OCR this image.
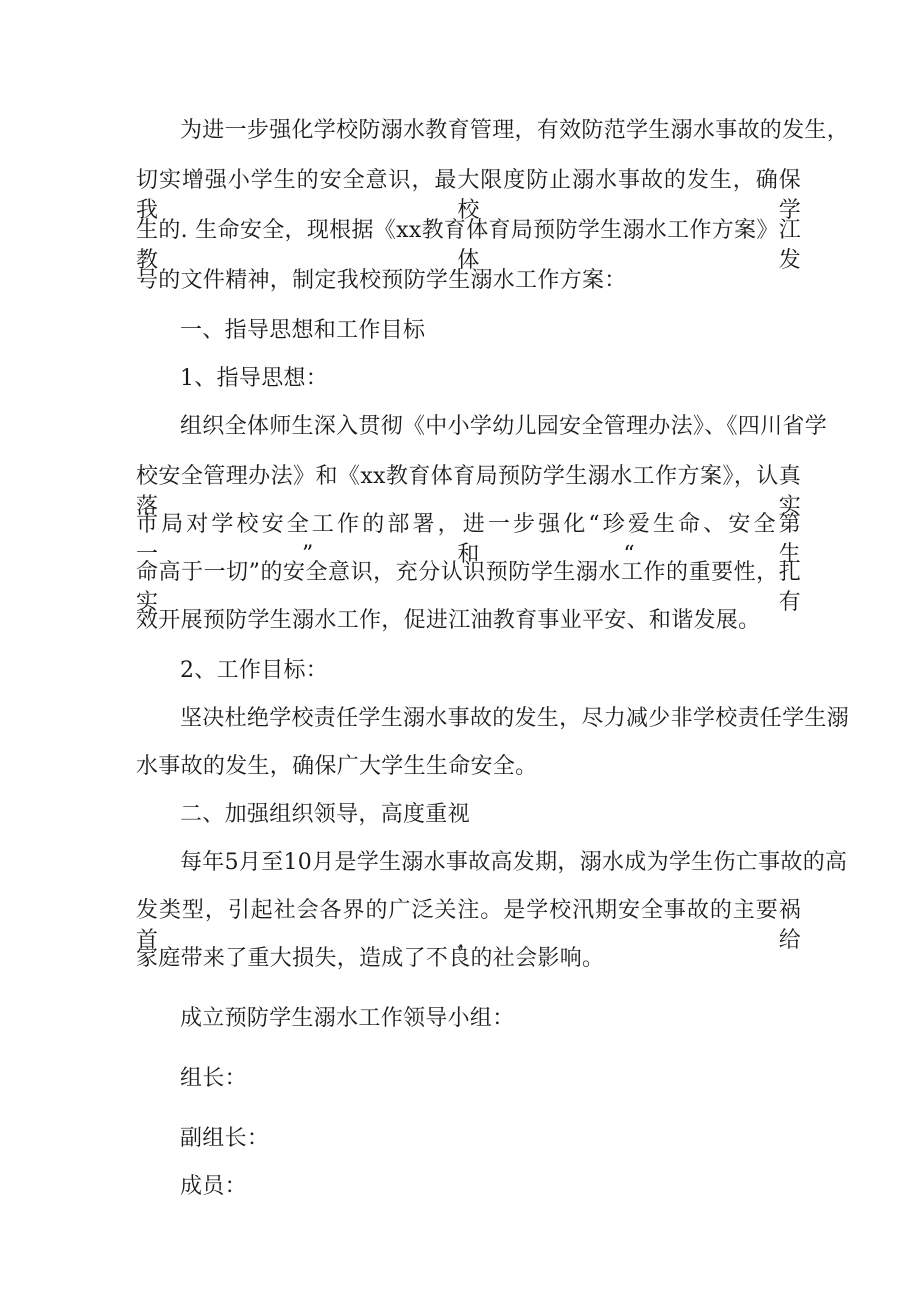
为进一步强化学校防溺水教育管理，有效防范学生溺水事故的发生，

切实增强小学生的安全意识，最大限度防止溺水事故的发生，确保我校学

生的. 生命安全，现根据《xx教育体育局预防学生溺水工作方案》江教体发

号的文件精神，制定我校预防学生溺水工作方案：

一、指导思想和工作目标

1、指导思想：

组织全体师生深入贯彻《中小学幼儿园安全管理办法》、《四川省学

校安全管理办法》和《xx教育体育局预防学生溺水工作方案》，认真落实

市局对学校安全工作的部署，进一步强化“珍爱生命、安全第一”和“生

命高于一切”的安全意识，充分认识预防学生溺水工作的重要性，扎实有

效开展预防学生溺水工作，促进江油教育事业平安、和谐发展。

2、工作目标：

坚决杜绝学校责任学生溺水事故的发生，尽力减少非学校责任学生溺

水事故的发生，确保广大学生生命安全。

二、加强组织领导，高度重视

每年5月至10月是学生溺水事故高发期，溺水成为学生伤亡事故的高

发类型，引起社会各界的广泛关注。是学校汛期安全事故的主要祸首，给

家庭带来了重大损失，造成了不良的社会影响。

成立预防学生溺水工作领导小组：

组长：

副组长：

成员：
